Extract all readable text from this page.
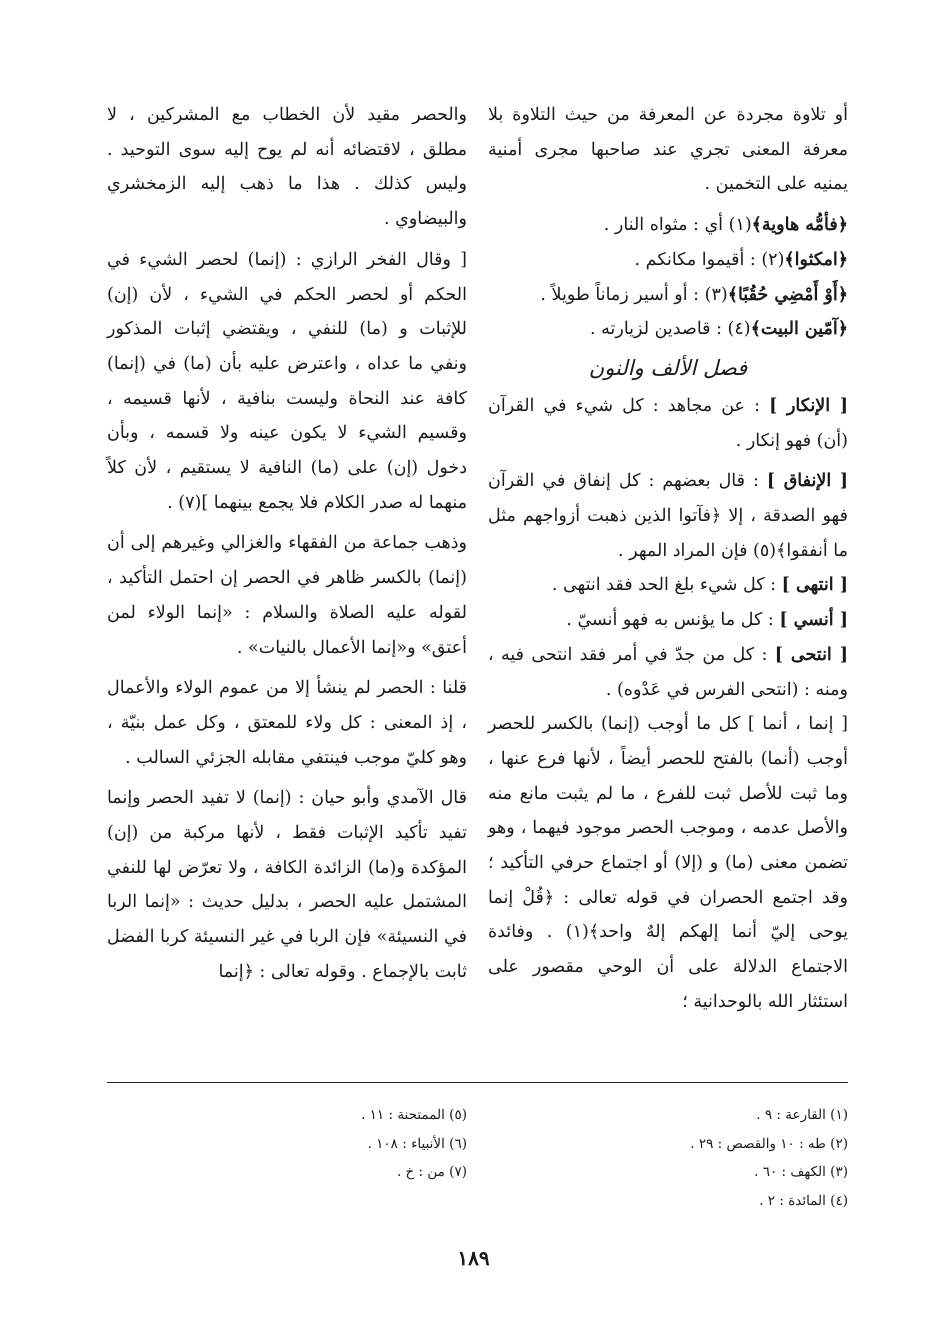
أو تلاوة مجردة عن المعرفة من حيث التلاوة بلا معرفة المعنى تجري عند صاحبها مجرى أمنية يمنيه على التخمين .

﴿فأمُّه هاوية﴾(١) أي : مثواه النار .

﴿امكثوا﴾(٢) : أقيموا مكانكم .

﴿أَوْ أَمْضِي حُقُبًا﴾(٣) : أو أسير زماناً طويلاً .

﴿آمّين البيت﴾(٤) : قاصدين لزيارته .

فصل الألف والنون

[ الإنكار ] : عن مجاهد : كل شيء في القرآن (أن) فهو إنكار .

[ الإنفاق ] : قال بعضهم : كل إنفاق في القرآن فهو الصدقة ، إلا ﴿فآتوا الذين ذهبت أزواجهم مثل ما أنفقوا﴾(٥) فإن المراد المهر .

[ انتهى ] : كل شيء بلغ الحد فقد انتهى .

[ أنسي ] : كل ما يؤنس به فهو أنسيّ .

[ انتحى ] : كل من جدّ في أمر فقد انتحى فيه ، ومنه : (انتحى الفرس في عَدْوه) .

[ إنما ، أنما ] كل ما أوجب (إنما) بالكسر للحصر أوجب (أنما) بالفتح للحصر أيضاً ، لأنها فرع عنها ، وما ثبت للأصل ثبت للفرع ، ما لم يثبت مانع منه والأصل عدمه ، وموجب الحصر موجود فيهما ، وهو تضمن معنى (ما) و (إلا) أو اجتماع حرفي التأكيد ؛ وقد اجتمع الحصران في قوله تعالى : ﴿قُلْ إنما يوحى إليّ أنما إلهكم إلهٌ واحد﴾(١) . وفائدة الاجتماع الدلالة على أن الوحي مقصور على استئثار الله بالوحدانية ؛

والحصر مقيد لأن الخطاب مع المشركين ، لا مطلق ، لاقتضائه أنه لم يوح إليه سوى التوحيد . وليس كذلك . هذا ما ذهب إليه الزمخشري والبيضاوي .

[ وقال الفخر الرازي : (إنما) لحصر الشيء في الحكم أو لحصر الحكم في الشيء ، لأن (إن) للإثبات و (ما) للنفي ، ويقتضي إثبات المذكور ونفي ما عداه ، واعترض عليه بأن (ما) في (إنما) كافة عند النحاة وليست بنافية ، لأنها قسيمه ، وقسيم الشيء لا يكون عينه ولا قسمه ، وبأن دخول (إن) على (ما) النافية لا يستقيم ، لأن كلاً منهما له صدر الكلام فلا يجمع بينهما ](٧) .

وذهب جماعة من الفقهاء والغزالي وغيرهم إلى أن (إنما) بالكسر ظاهر في الحصر إن احتمل التأكيد ، لقوله عليه الصلاة والسلام : «إنما الولاء لمن أعتق» و«إنما الأعمال بالنيات» .

قلنا : الحصر لم ينشأ إلا من عموم الولاء والأعمال ، إذ المعنى : كل ولاء للمعتق ، وكل عمل بنيّة ، وهو كليّ موجب فينتفي مقابله الجزئي السالب .

قال الآمدي وأبو حيان : (إنما) لا تفيد الحصر وإنما تفيد تأكيد الإثبات فقط ، لأنها مركبة من (إن) المؤكدة و(ما) الزائدة الكافة ، ولا تعرّض لها للنفي المشتمل عليه الحصر ، بدليل حديث : «إنما الربا في النسيئة» فإن الربا في غير النسيئة كربا الفضل ثابت بالإجماع . وقوله تعالى : ﴿إنما

(١) القارعة : ٩ .
(٢) طه : ١٠ والقصص : ٢٩ .
(٣) الكهف : ٦٠ .
(٤) المائدة : ٢ .
(٥) الممتحنة : ١١ .
(٦) الأنبياء : ١٠٨ .
(٧) من : خ .
١٨٩
